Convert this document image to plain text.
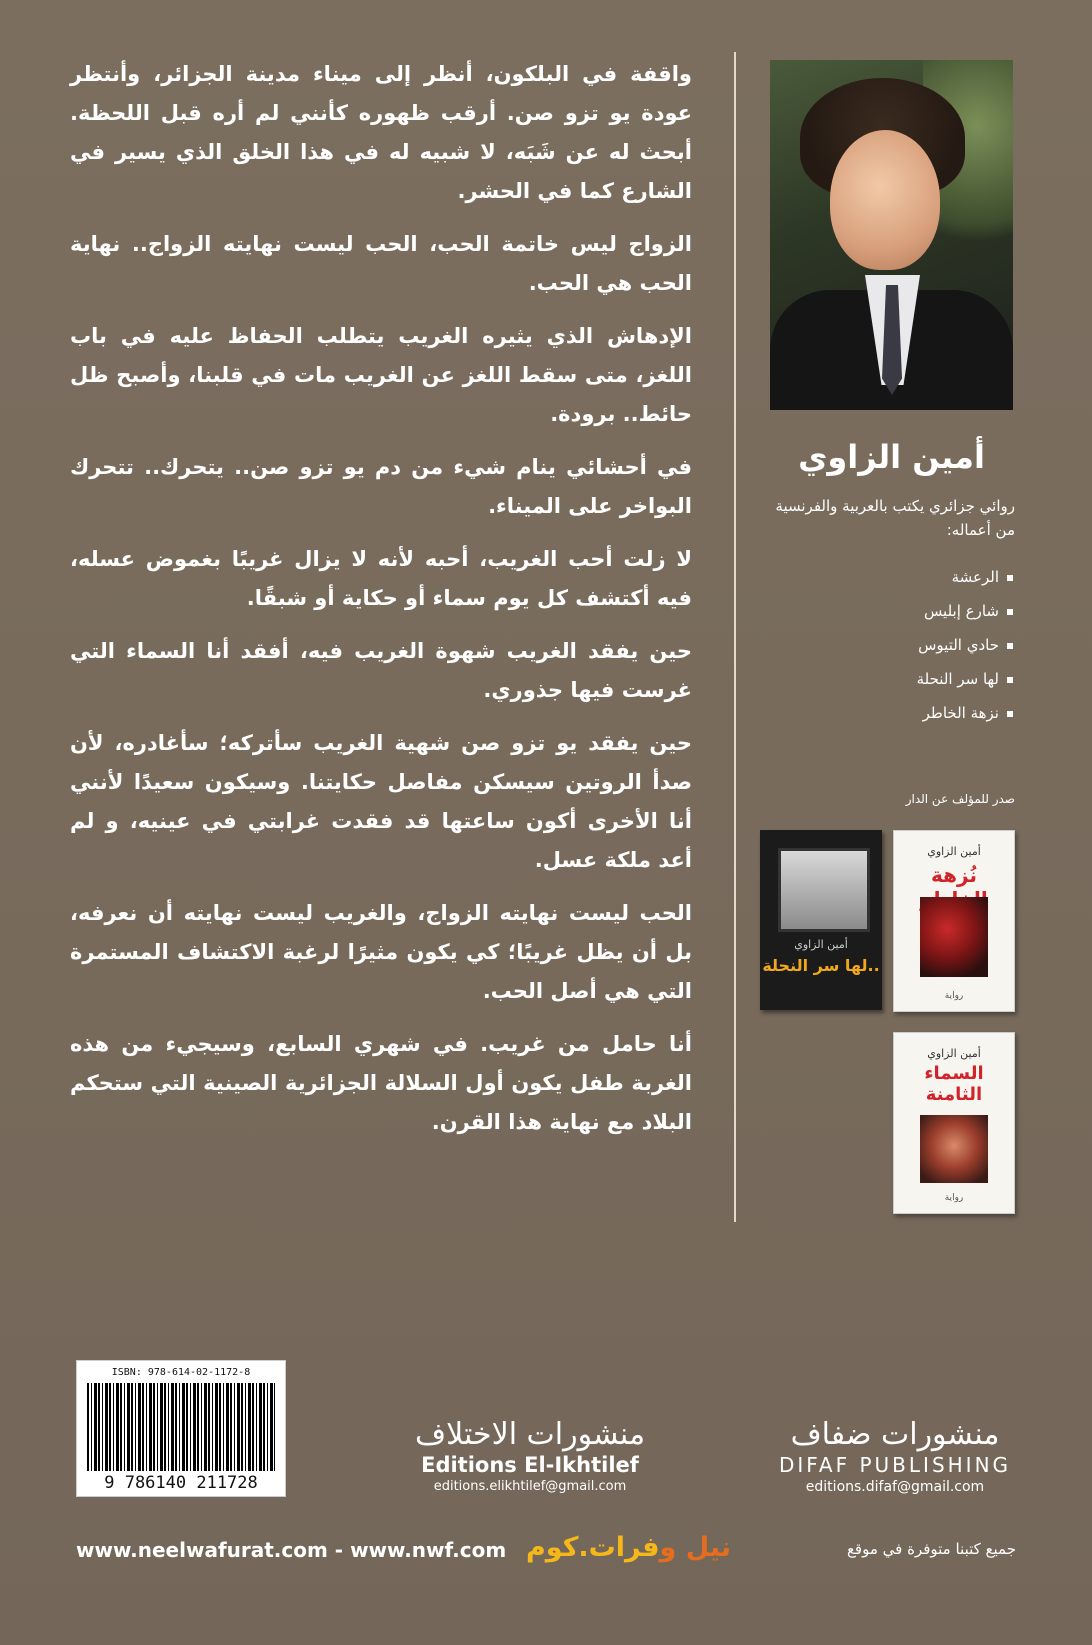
واقفة في البلكون، أنظر إلى ميناء مدينة الجزائر، وأنتظر عودة يو تزو صن. أرقب ظهوره كأنني لم أره قبل اللحظة. أبحث له عن شَبَه، لا شبيه له في هذا الخلق الذي يسير في الشارع كما في الحشر.

الزواج ليس خاتمة الحب، الحب ليست نهايته الزواج.. نهاية الحب هي الحب.

الإدهاش الذي يثيره الغريب يتطلب الحفاظ عليه في باب اللغز، متى سقط اللغز عن الغريب مات في قلبنا، وأصبح ظل حائط.. برودة.

في أحشائي ينام شيء من دم يو تزو صن.. يتحرك.. تتحرك البواخر على الميناء.

لا زلت أحب الغريب، أحبه لأنه لا يزال غريبًا بغموض عسله، فيه أكتشف كل يوم سماء أو حكاية أو شبقًا.

حين يفقد الغريب شهوة الغريب فيه، أفقد أنا السماء التي غرست فيها جذوري.

حين يفقد يو تزو صن شهية الغريب سأتركه؛ سأغادره، لأن صدأ الروتين سيسكن مفاصل حكايتنا. وسيكون سعيدًا لأنني أنا الأخرى أكون ساعتها قد فقدت غرابتي في عينيه، و لم أعد ملكة عسل.

الحب ليست نهايته الزواج، والغريب ليست نهايته أن نعرفه، بل أن يظل غريبًا؛ كي يكون مثيرًا لرغبة الاكتشاف المستمرة التي هي أصل الحب.

أنا حامل من غريب. في شهري السابع، وسيجيء من هذه الغربة طفل يكون أول السلالة الجزائرية الصينية التي ستحكم البلاد مع نهاية هذا القرن.

أمين الزاوي
روائي جزائري يكتب بالعربية والفرنسية من أعماله:
الرعشة
شارع إبليس
حادي التيوس
لها سر النحلة
نزهة الخاطر
صدر للمؤلف عن الدار
أمين الزاوي
..لها سر النحلة
أمين الزاوي
نُزهة
رواية
أمين الزاوي
السماء الثامنة
رواية
ISBN: 978-614-02-1172-8
9 786140 211728
منشورات الاختلاف
Editions El-Ikhtilef
editions.elikhtilef@gmail.com
منشورات ضفاف
DIFAF PUBLISHING
editions.difaf@gmail.com
www.neelwafurat.com - www.nwf.com	نيل وفرات.كوم	جميع كتبنا متوفرة في موقع
